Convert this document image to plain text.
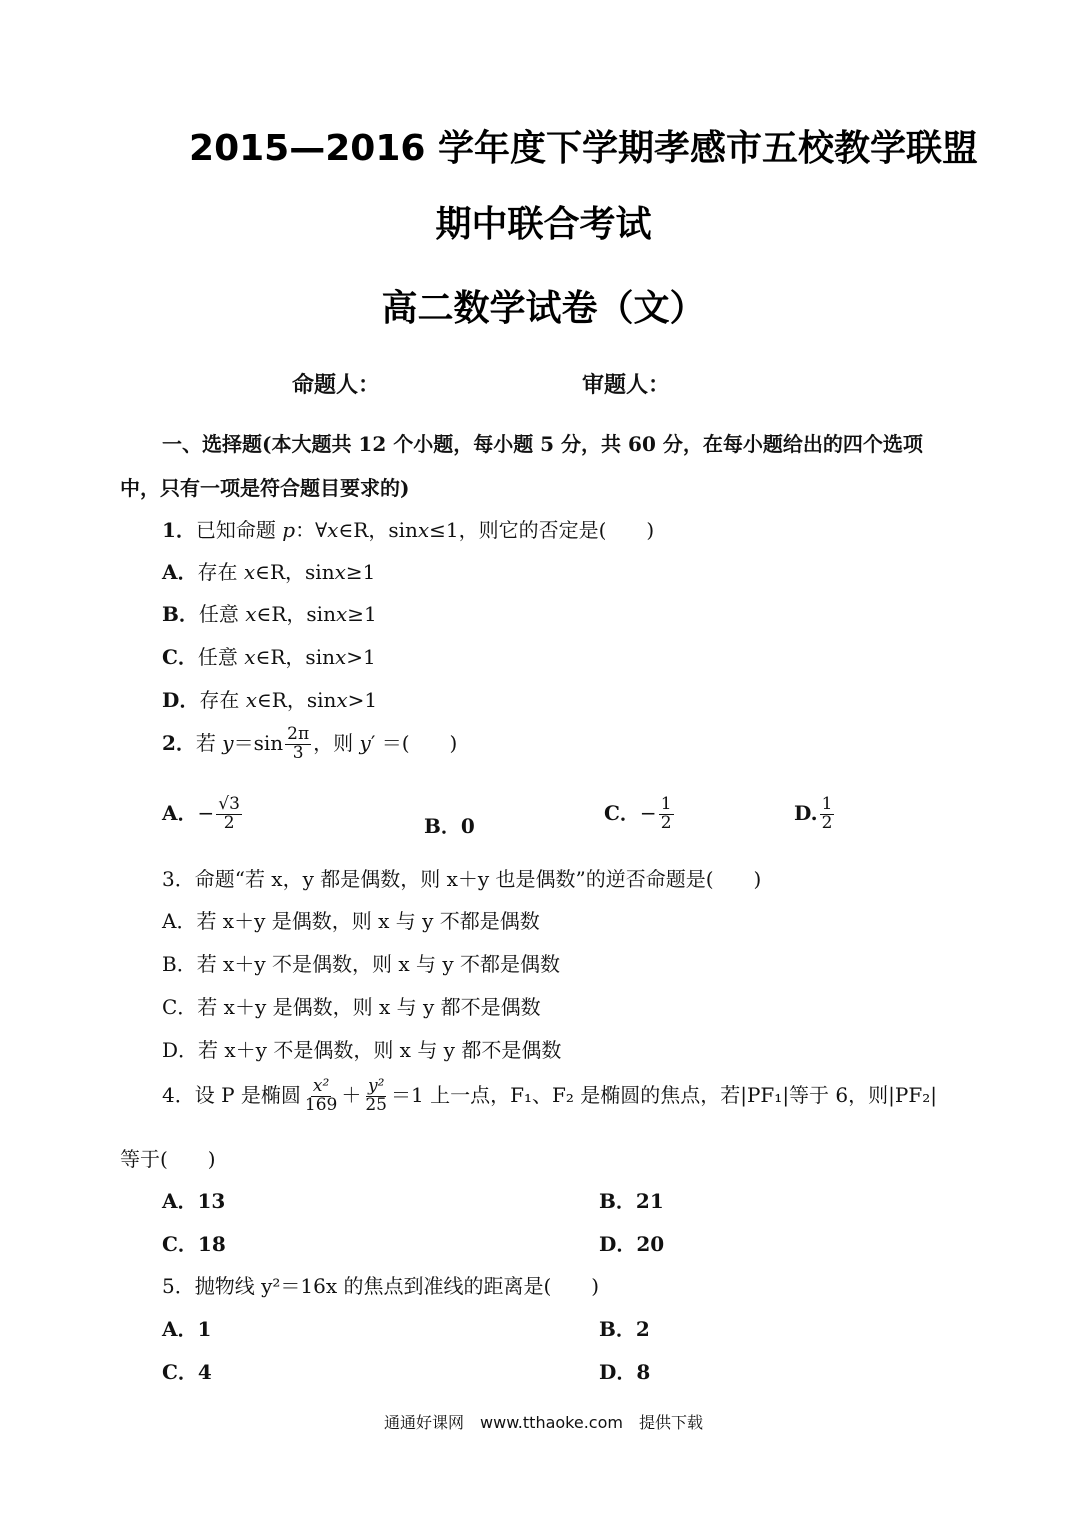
2015—2016 学年度下学期孝感市五校教学联盟
期中联合考试
高二数学试卷（文）
命题人：	审题人：
一、选择题(本大题共 12 个小题，每小题 5 分，共 60 分，在每小题给出的四个选项
中，只有一项是符合题目要求的)
1．已知命题 p：∀x∈R，sinx≤1，则它的否定是(　　)
A．存在 x∈R，sinx≥1
B．任意 x∈R，sinx≥1
C．任意 x∈R，sinx>1
D．存在 x∈R，sinx>1
2．若 $y=\sin \frac{2\pi}{3}$ ，则 y′ ＝(　　)
A．− $\frac{√3}{2}$	B．0
C．− $\frac{1}{2}$	D. $\frac{1}{2}$
3．命题“若 x，y 都是偶数，则 x＋y 也是偶数”的逆否命题是(　　)
A．若 x＋y 是偶数，则 x 与 y 不都是偶数
B．若 x＋y 不是偶数，则 x 与 y 不都是偶数
C．若 x＋y 是偶数，则 x 与 y 都不是偶数
D．若 x＋y 不是偶数，则 x 与 y 都不是偶数
4．设 P 是椭圆 $\frac{\text{x²}}{169} + \frac{\text{y²}}{25} =1$ 上一点，F₁、F₂ 是椭圆的焦点，若|PF₁|等于 6，则|PF₂|
等于(　　)
A．13	B．21
C．18	D．20
5．抛物线 y²＝16x 的焦点到准线的距离是(　　)
A．1	B．2
C．4	D．8
通通好课网　www.tthaoke.com　提供下载
